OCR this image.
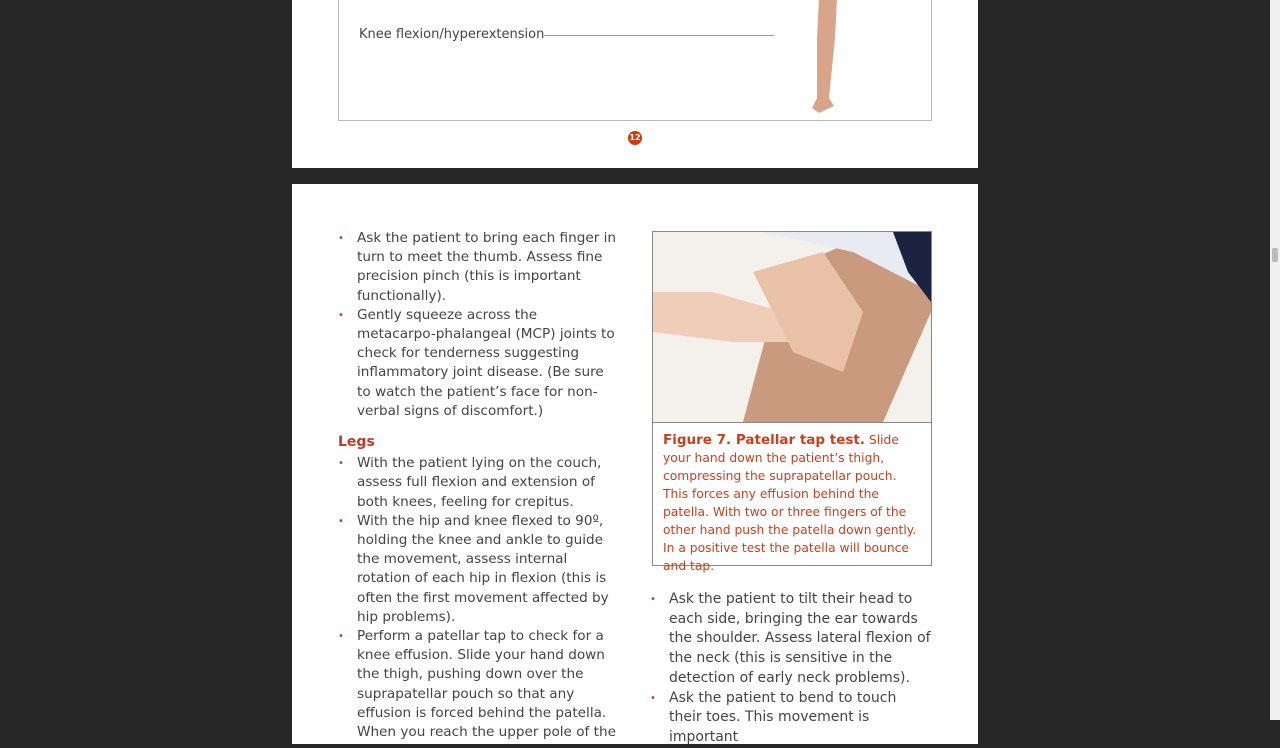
Knee flexion/hyperextension
12
• Ask the patient to bring each finger in turn to meet the thumb. Assess fine precision pinch (this is important functionally).
• Gently squeeze across the metacarpo-phalangeal (MCP) joints to check for tenderness suggesting inflammatory joint disease. (Be sure to watch the patient’s face for non-verbal signs of discomfort.)
Legs
• With the patient lying on the couch, assess full flexion and extension of both knees, feeling for crepitus.
• With the hip and knee flexed to 90º, holding the knee and ankle to guide the movement, assess internal rotation of each hip in flexion (this is often the first movement affected by hip problems).
• Perform a patellar tap to check for a knee effusion. Slide your hand down the thigh, pushing down over the suprapatellar pouch so that any effusion is forced behind the patella. When you reach the upper pole of the
Figure 7. Patellar tap test. Slide your hand down the patient’s thigh, compressing the suprapatellar pouch. This forces any effusion behind the patella. With two or three fingers of the other hand push the patella down gently. In a positive test the patella will bounce and tap.
• Ask the patient to tilt their head to each side, bringing the ear towards the shoulder. Assess lateral flexion of the neck (this is sensitive in the detection of early neck problems).
• Ask the patient to bend to touch their toes. This movement is important
